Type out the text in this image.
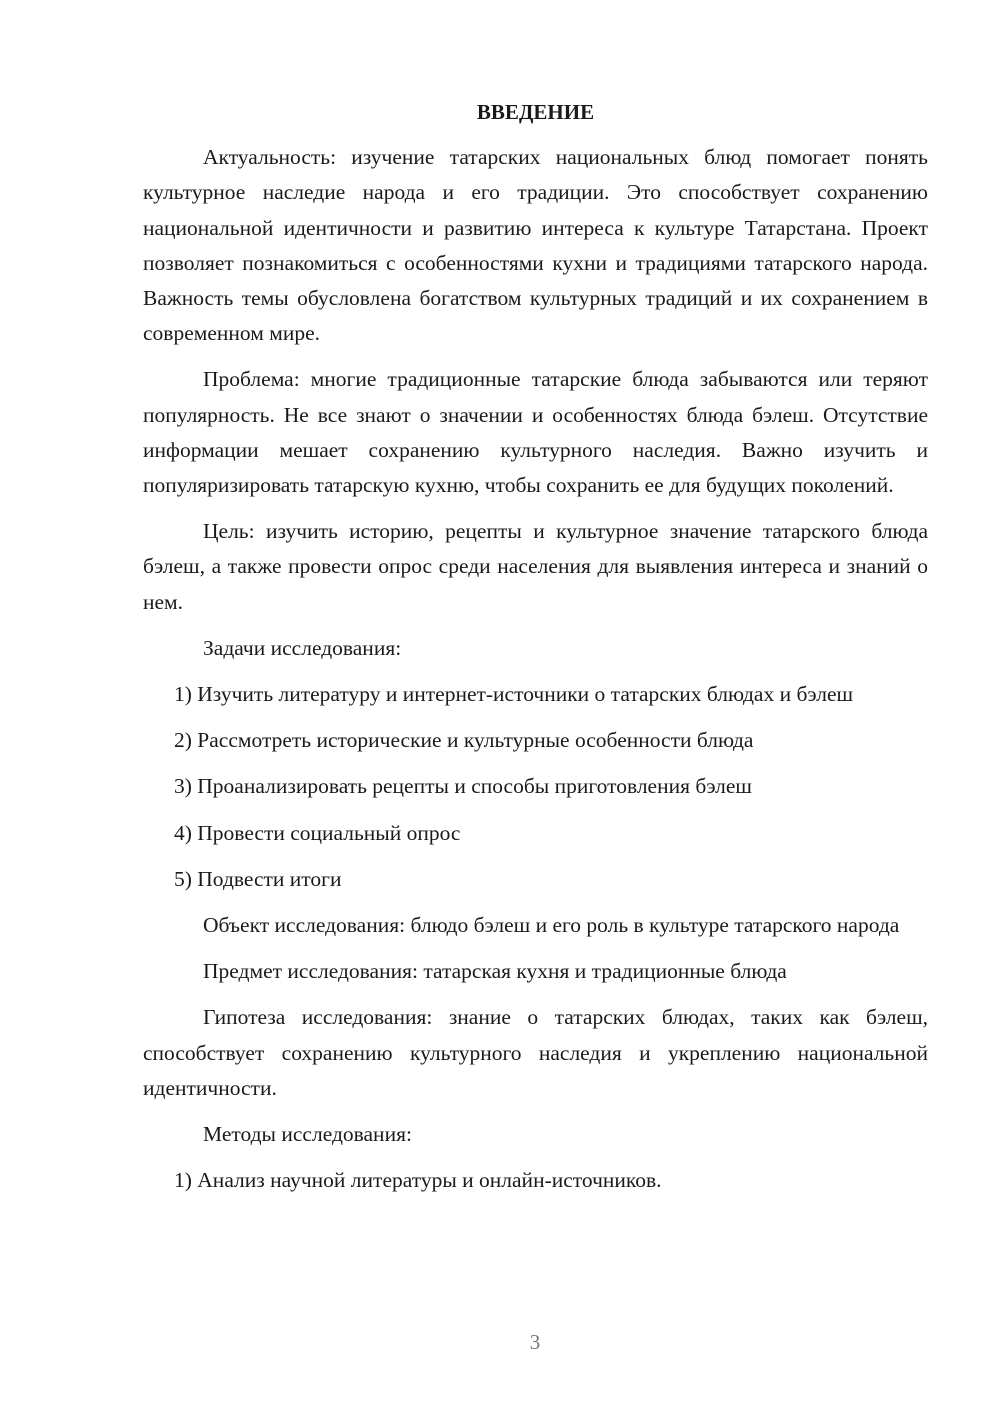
ВВЕДЕНИЕ

Актуальность: изучение татарских национальных блюд помогает понять культурное наследие народа и его традиции. Это способствует сохранению национальной идентичности и развитию интереса к культуре Татарстана. Проект позволяет познакомиться с особенностями кухни и традициями татарского народа. Важность темы обусловлена богатством культурных традиций и их сохранением в современном мире.

Проблема: многие традиционные татарские блюда забываются или теряют популярность. Не все знают о значении и особенностях блюда бэлеш. Отсутствие информации мешает сохранению культурного наследия. Важно изучить и популяризировать татарскую кухню, чтобы сохранить ее для будущих поколений.

Цель: изучить историю, рецепты и культурное значение татарского блюда бэлеш, а также провести опрос среди населения для выявления интереса и знаний о нем.

Задачи исследования:

1) Изучить литературу и интернет-источники о татарских блюдах и бэлеш

2) Рассмотреть исторические и культурные особенности блюда

3) Проанализировать рецепты и способы приготовления бэлеш

4) Провести социальный опрос

5) Подвести итоги

Объект исследования: блюдо бэлеш и его роль в культуре татарского народа

Предмет исследования: татарская кухня и традиционные блюда

Гипотеза исследования: знание о татарских блюдах, таких как бэлеш, способствует сохранению культурного наследия и укреплению национальной идентичности.

Методы исследования:

1) Анализ научной литературы и онлайн-источников.

3
